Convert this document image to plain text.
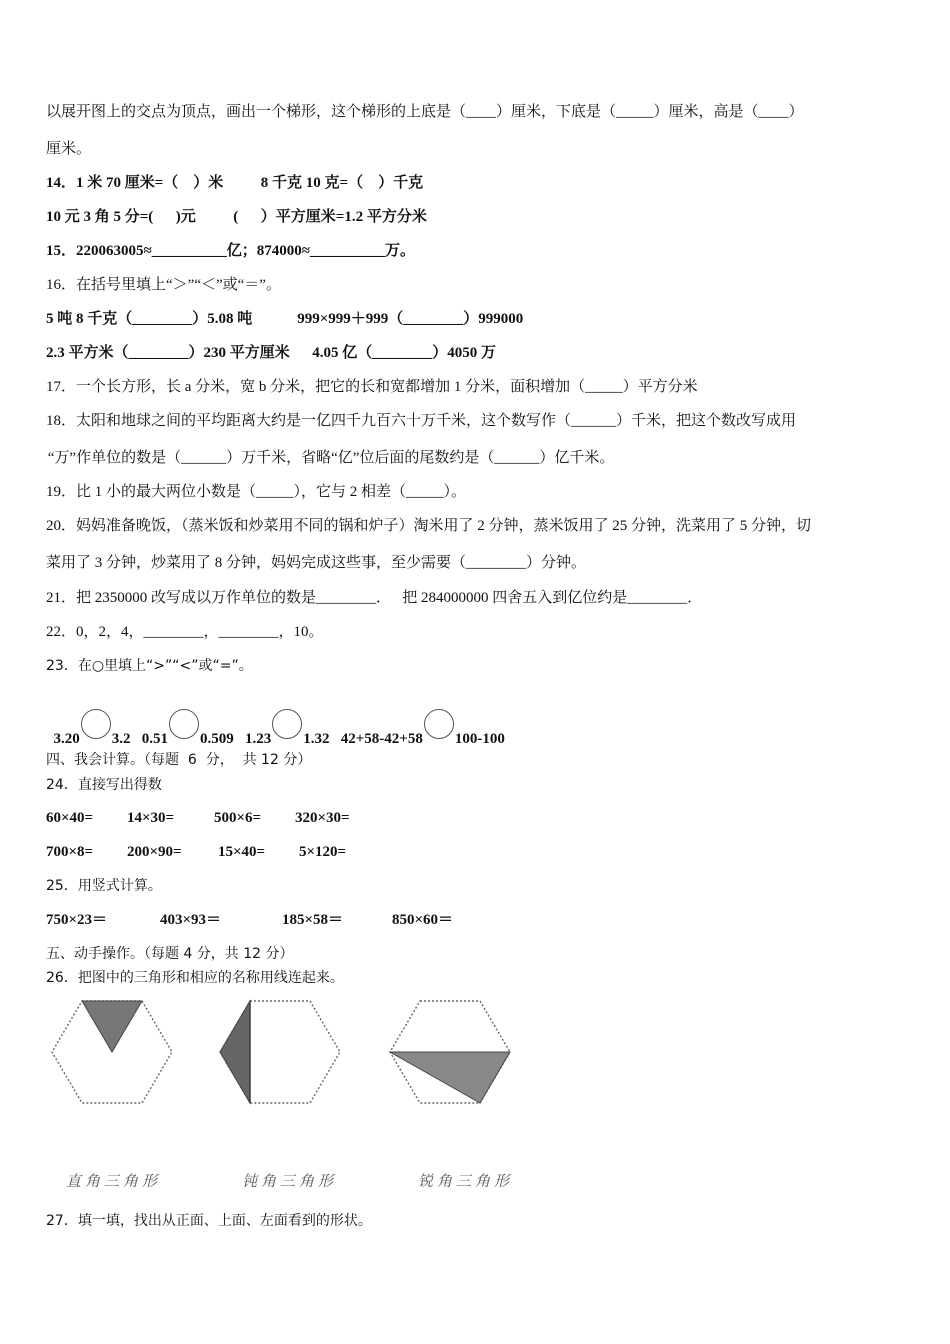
以展开图上的交点为顶点，画出一个梯形，这个梯形的上底是（____）厘米，下底是（_____）厘米，高是（____）
厘米。
14．1 米 70 厘米=（    ）米          8 千克 10 克=（    ）千克
10 元 3 角 5 分=(      )元          (      ）平方厘米=1.2 平方分米
15．220063005≈__________亿；874000≈__________万。
16．在括号里填上“＞”“＜”或“＝”。
5 吨 8 千克（________）5.08 吨            999×999＋999（________）999000
2.3 平方米（________）230 平方厘米      4.05 亿（________）4050 万
17．一个长方形，长 a 分米，宽 b 分米，把它的长和宽都增加 1 分米，面积增加（_____）平方分米
18．太阳和地球之间的平均距离大约是一亿四千九百六十万千米，这个数写作（______）千米，把这个数改写成用
“万”作单位的数是（______）万千米，省略“亿”位后面的尾数约是（______）亿千米。
19．比 1 小的最大两位小数是（_____），它与 2 相差（_____）。
20．妈妈准备晚饭，（蒸米饭和炒菜用不同的锅和炉子）淘米用了 2 分钟，蒸米饭用了 25 分钟，洗菜用了 5 分钟，切
菜用了 3 分钟，炒菜用了 8 分钟，妈妈完成这些事，至少需要（________）分钟。
21．把 2350000 改写成以万作单位的数是________．   把 284000000 四舍五入到亿位约是________．
22．0，2，4，________，________，10。
23．在○里填上“>”“<”或“=”。

3.20 3.2 0.51 0.509 1.23 1.32 42+58-42+58 100-100

四、我会计算。（每题  6  分，  共 12 分）
24．直接写出得数
60×40= 14×30=	500×6= 320×30=
700×8= 200×90= 15×40= 5×120=
25．用竖式计算。
750×23＝	403×93＝	185×58＝	850×60＝
五、动手操作。（每题 4 分，共 12 分）
26．把图中的三角形和相应的名称用线连起来。
直角三角形	钝角三角形	锐角三角形
27．填一填，找出从正面、上面、左面看到的形状。
